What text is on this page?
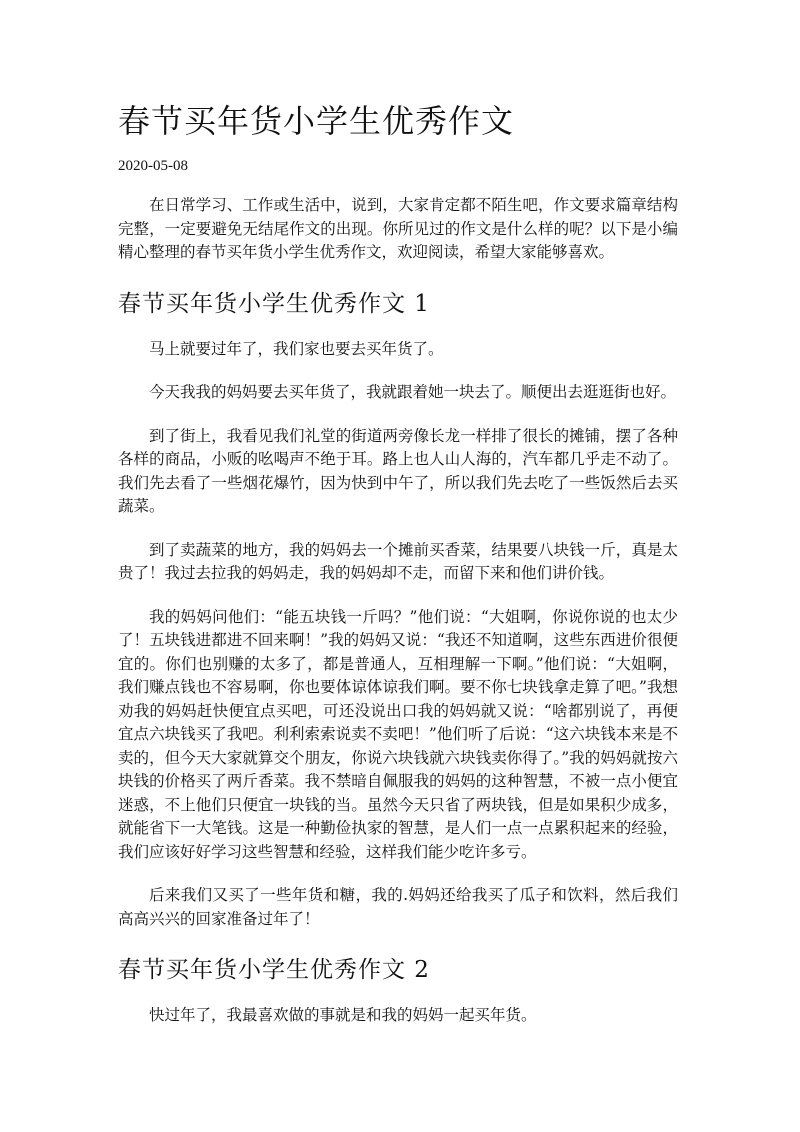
春节买年货小学生优秀作文
2020-05-08

在日常学习、工作或生活中，说到，大家肯定都不陌生吧，作文要求篇章结构完整，一定要避免无结尾作文的出现。你所见过的作文是什么样的呢？以下是小编精心整理的春节买年货小学生优秀作文，欢迎阅读，希望大家能够喜欢。

春节买年货小学生优秀作文 1

马上就要过年了，我们家也要去买年货了。

今天我我的妈妈要去买年货了，我就跟着她一块去了。顺便出去逛逛街也好。

到了街上，我看见我们礼堂的街道两旁像长龙一样排了很长的摊铺，摆了各种各样的商品，小贩的吆喝声不绝于耳。路上也人山人海的，汽车都几乎走不动了。我们先去看了一些烟花爆竹，因为快到中午了，所以我们先去吃了一些饭然后去买蔬菜。

到了卖蔬菜的地方，我的妈妈去一个摊前买香菜，结果要八块钱一斤，真是太贵了！我过去拉我的妈妈走，我的妈妈却不走，而留下来和他们讲价钱。

我的妈妈问他们：“能五块钱一斤吗？”他们说：“大姐啊，你说你说的也太少了！五块钱进都进不回来啊！”我的妈妈又说：“我还不知道啊，这些东西进价很便宜的。你们也别赚的太多了，都是普通人，互相理解一下啊。”他们说：“大姐啊，我们赚点钱也不容易啊，你也要体谅体谅我们啊。要不你七块钱拿走算了吧。”我想劝我的妈妈赶快便宜点买吧，可还没说出口我的妈妈就又说：“啥都别说了，再便宜点六块钱买了我吧。利利索索说卖不卖吧！”他们听了后说：“这六块钱本来是不卖的，但今天大家就算交个朋友，你说六块钱就六块钱卖你得了。”我的妈妈就按六块钱的价格买了两斤香菜。我不禁暗自佩服我的妈妈的这种智慧，不被一点小便宜迷惑，不上他们只便宜一块钱的当。虽然今天只省了两块钱，但是如果积少成多，就能省下一大笔钱。这是一种勤俭执家的智慧，是人们一点一点累积起来的经验，我们应该好好学习这些智慧和经验，这样我们能少吃许多亏。

后来我们又买了一些年货和糖，我的.妈妈还给我买了瓜子和饮料，然后我们高高兴兴的回家准备过年了！

春节买年货小学生优秀作文 2

快过年了，我最喜欢做的事就是和我的妈妈一起买年货。
